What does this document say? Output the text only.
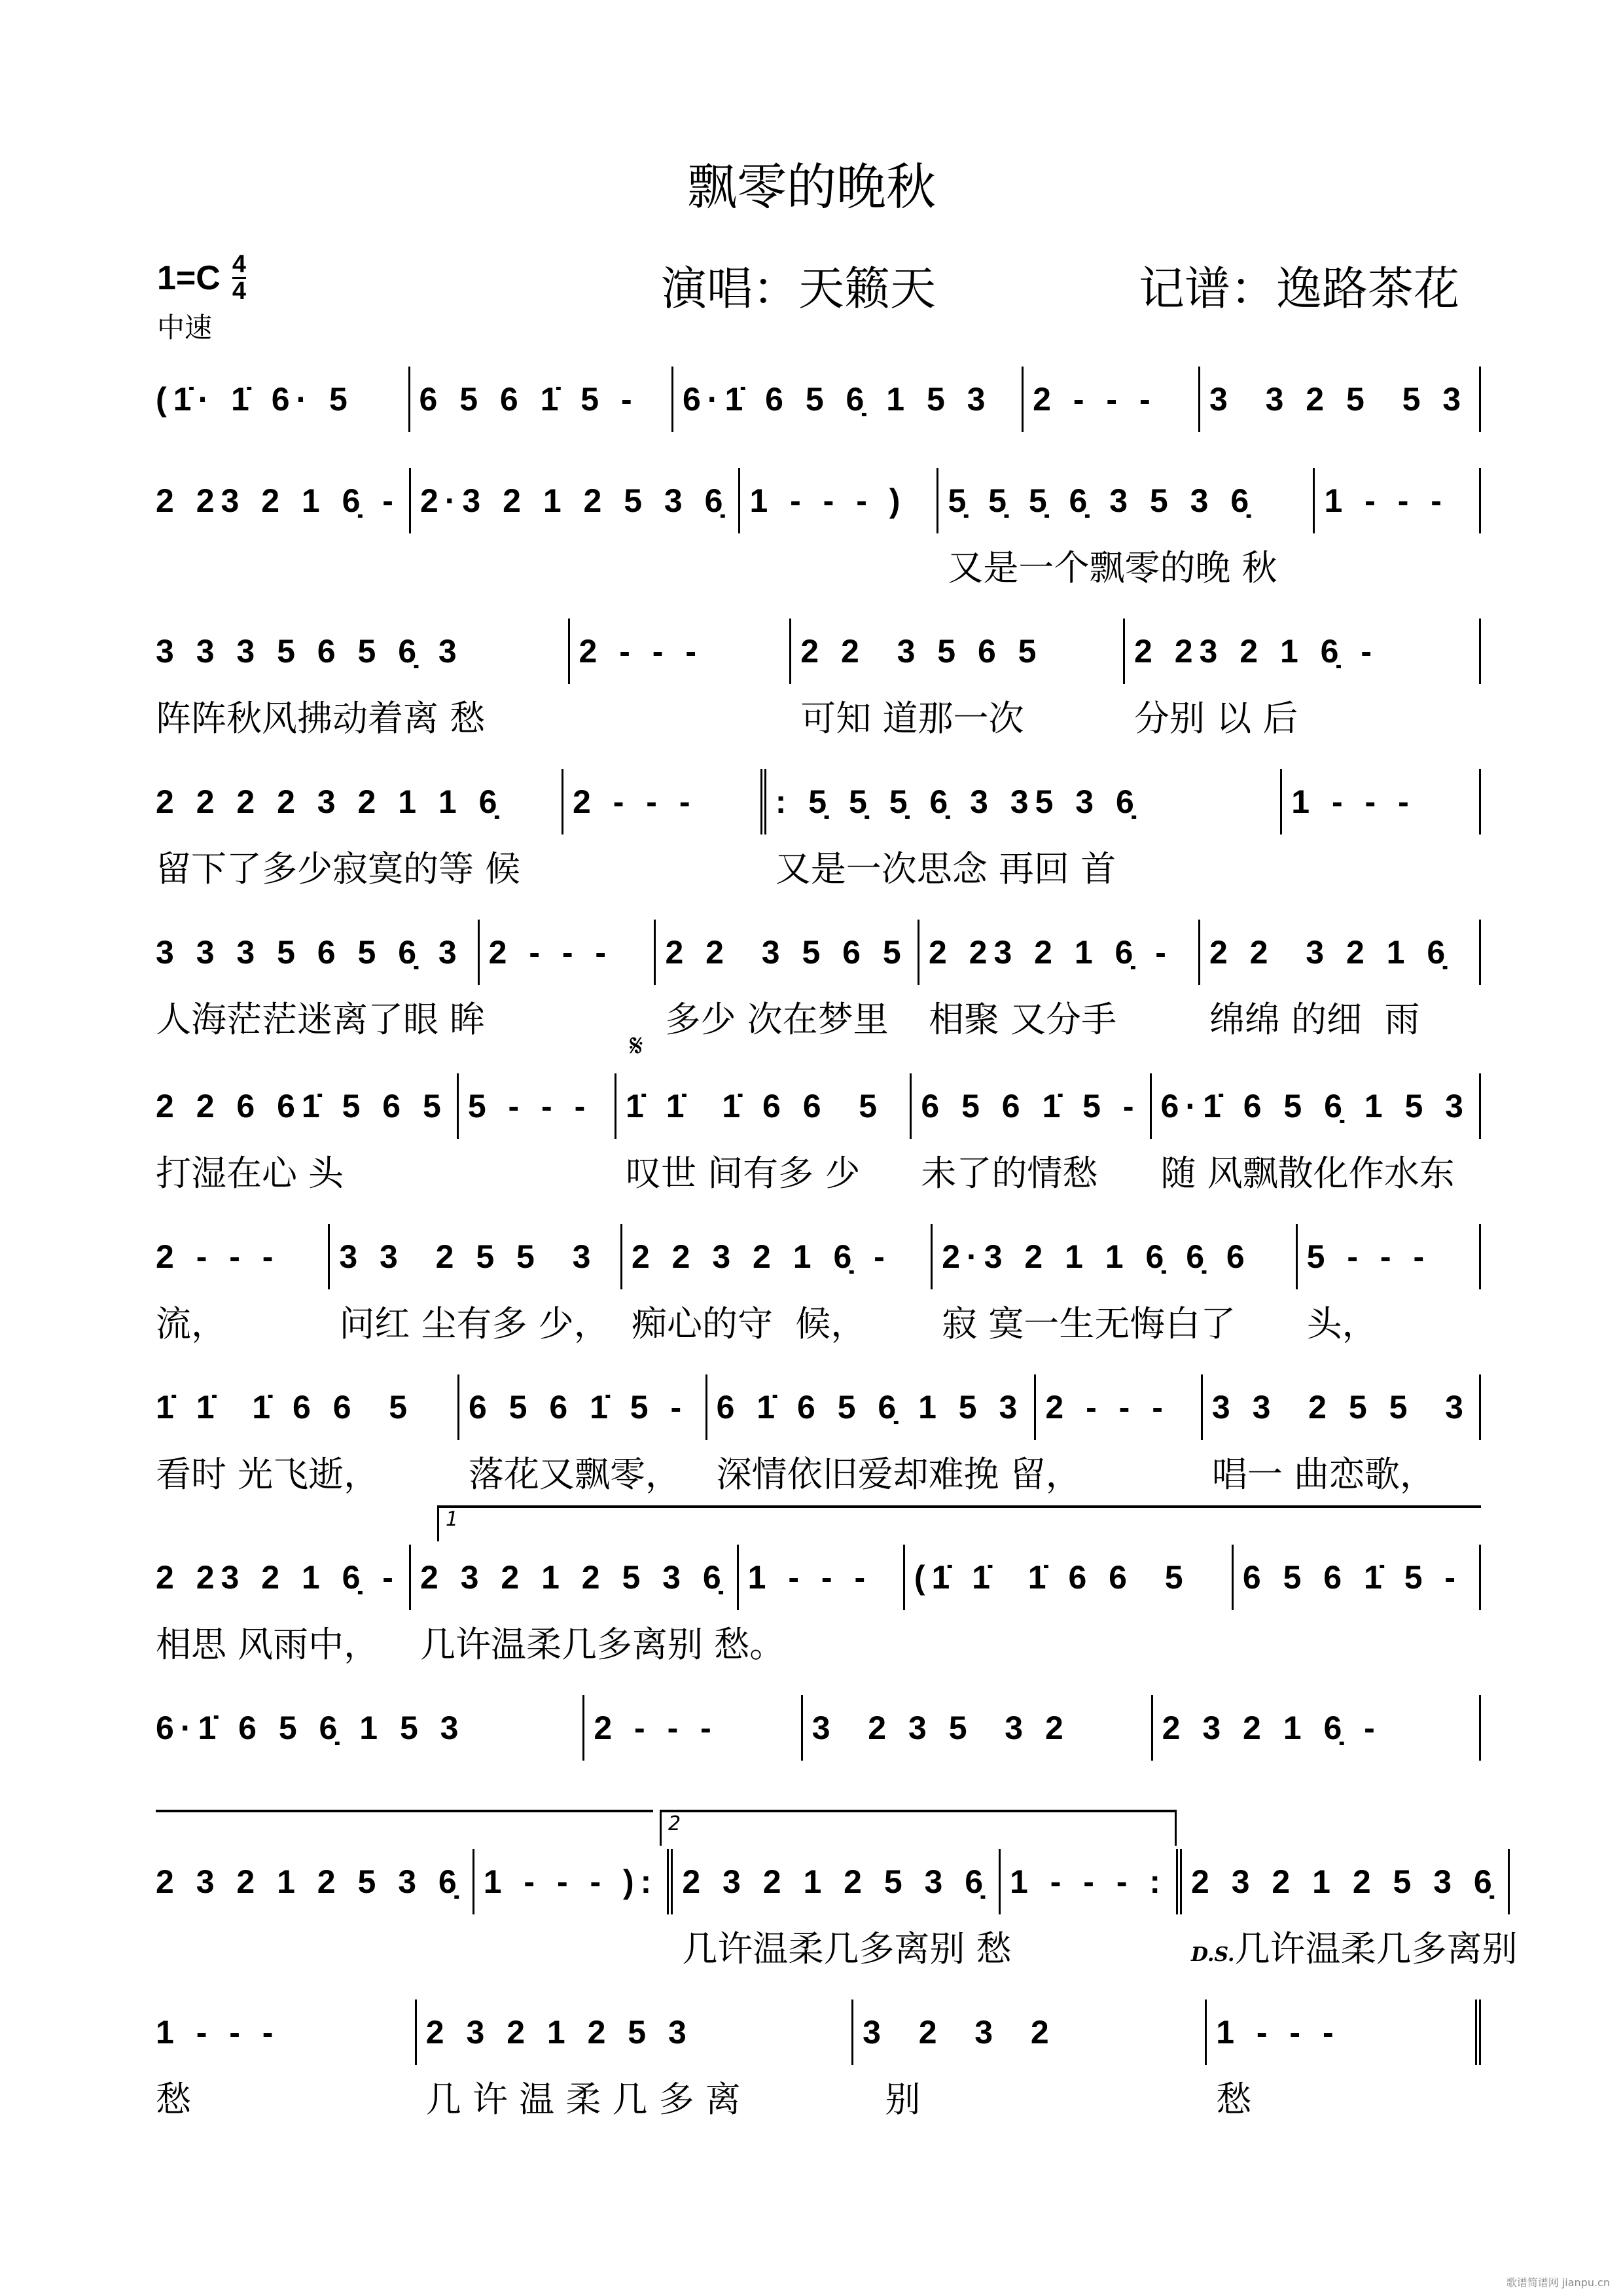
飘零的晚秋
$1=C \frac{4}{4}$
中速
演唱：天籁天	记谱：逸路茶花
(1̇· 1̇ 6· 5	6 5 6 1̇ 5 -	6·1̇ 6 5 6̣ 1 5 3	2 - - -	3  3 2 5  5 3
2 23 2 1 6̣ - 2·3 2 1 2 5 3 6̣ 1 - - - )	5̣ 5̣ 5̣ 6̣ 3 5 3 6̣
又是一个飘零的晚 秋
1 - - -
3 3 3 5 6 5 6̣ 3
阵阵秋风拂动着离 愁
2 - - -	2 2  3 5 6 5
可知 道那一次
2 23 2 1 6̣ -
分别 以 后
2 2 2 2 3 2 1 1 6̣
留下了多少寂寞的等 候
2 - - -	: 5̣ 5̣ 5̣ 6̣ 3 35 3 6̣
又是一次思念 再回 首
1 - - -
3 3 3 5 6 5 6̣ 3
人海茫茫迷离了眼 眸
2 - - -	2 2  3 5 6 5
多少 次在梦里
2 23 2 1 6̣ -
相聚 又分手
2 2  3 2 1 6̣
绵绵 的细  雨
2 2 6 61̇ 5 6 5
打湿在心 头
5 - - -	1̇ 1̇  1̇ 6 6  5
𝄋
叹世 间有多 少
6 5 6 1̇ 5 -
未了的情愁
6·1̇ 6 5 6̣ 1 5 3
随 风飘散化作水东
2 - - -
流，
3 3  2 5 5  3
问红 尘有多 少，
2 2 3 2 1 6̣ -
痴心的守  候，
2·3 2 1 1 6̣ 6̣ 6
寂 寞一生无悔白了
5 - - -
头，
1̇ 1̇  1̇ 6 6  5
看时 光飞逝，
6 5 6 1̇ 5 -
落花又飘零，
6 1̇ 6 5 6̣ 1 5 3
深情依旧爱却难挽 留，
2 - - -	3 3  2 5 5  3
唱一 曲恋歌，
2 23 2 1 6̣ -
相思 风雨中，
2 3 2 1 2 5 3 6̣
几许温柔几多离别 愁。
1 - - -	(1̇ 1̇  1̇ 6 6  5	6 5 6 1̇ 5 -
1
6·1̇ 6 5 6̣ 1 5 3	2 - - -	3  2 3 5  3 2	2 3 2 1 6̣ -
2 3 2 1 2 5 3 6̣ 1 - - - ): 2 3 2 1 2 5 3 6̣
几许温柔几多离别 愁
1 - - - : 2 3 2 1 2 5 3 6̣
D.S.几许温柔几多离别
2
1 - - -
愁
2 3 2 1 2 5 3
几 许 温 柔 几 多 离
3  2  3  2
别
1 - - -
愁
歌谱简谱网 jianpu.cn
